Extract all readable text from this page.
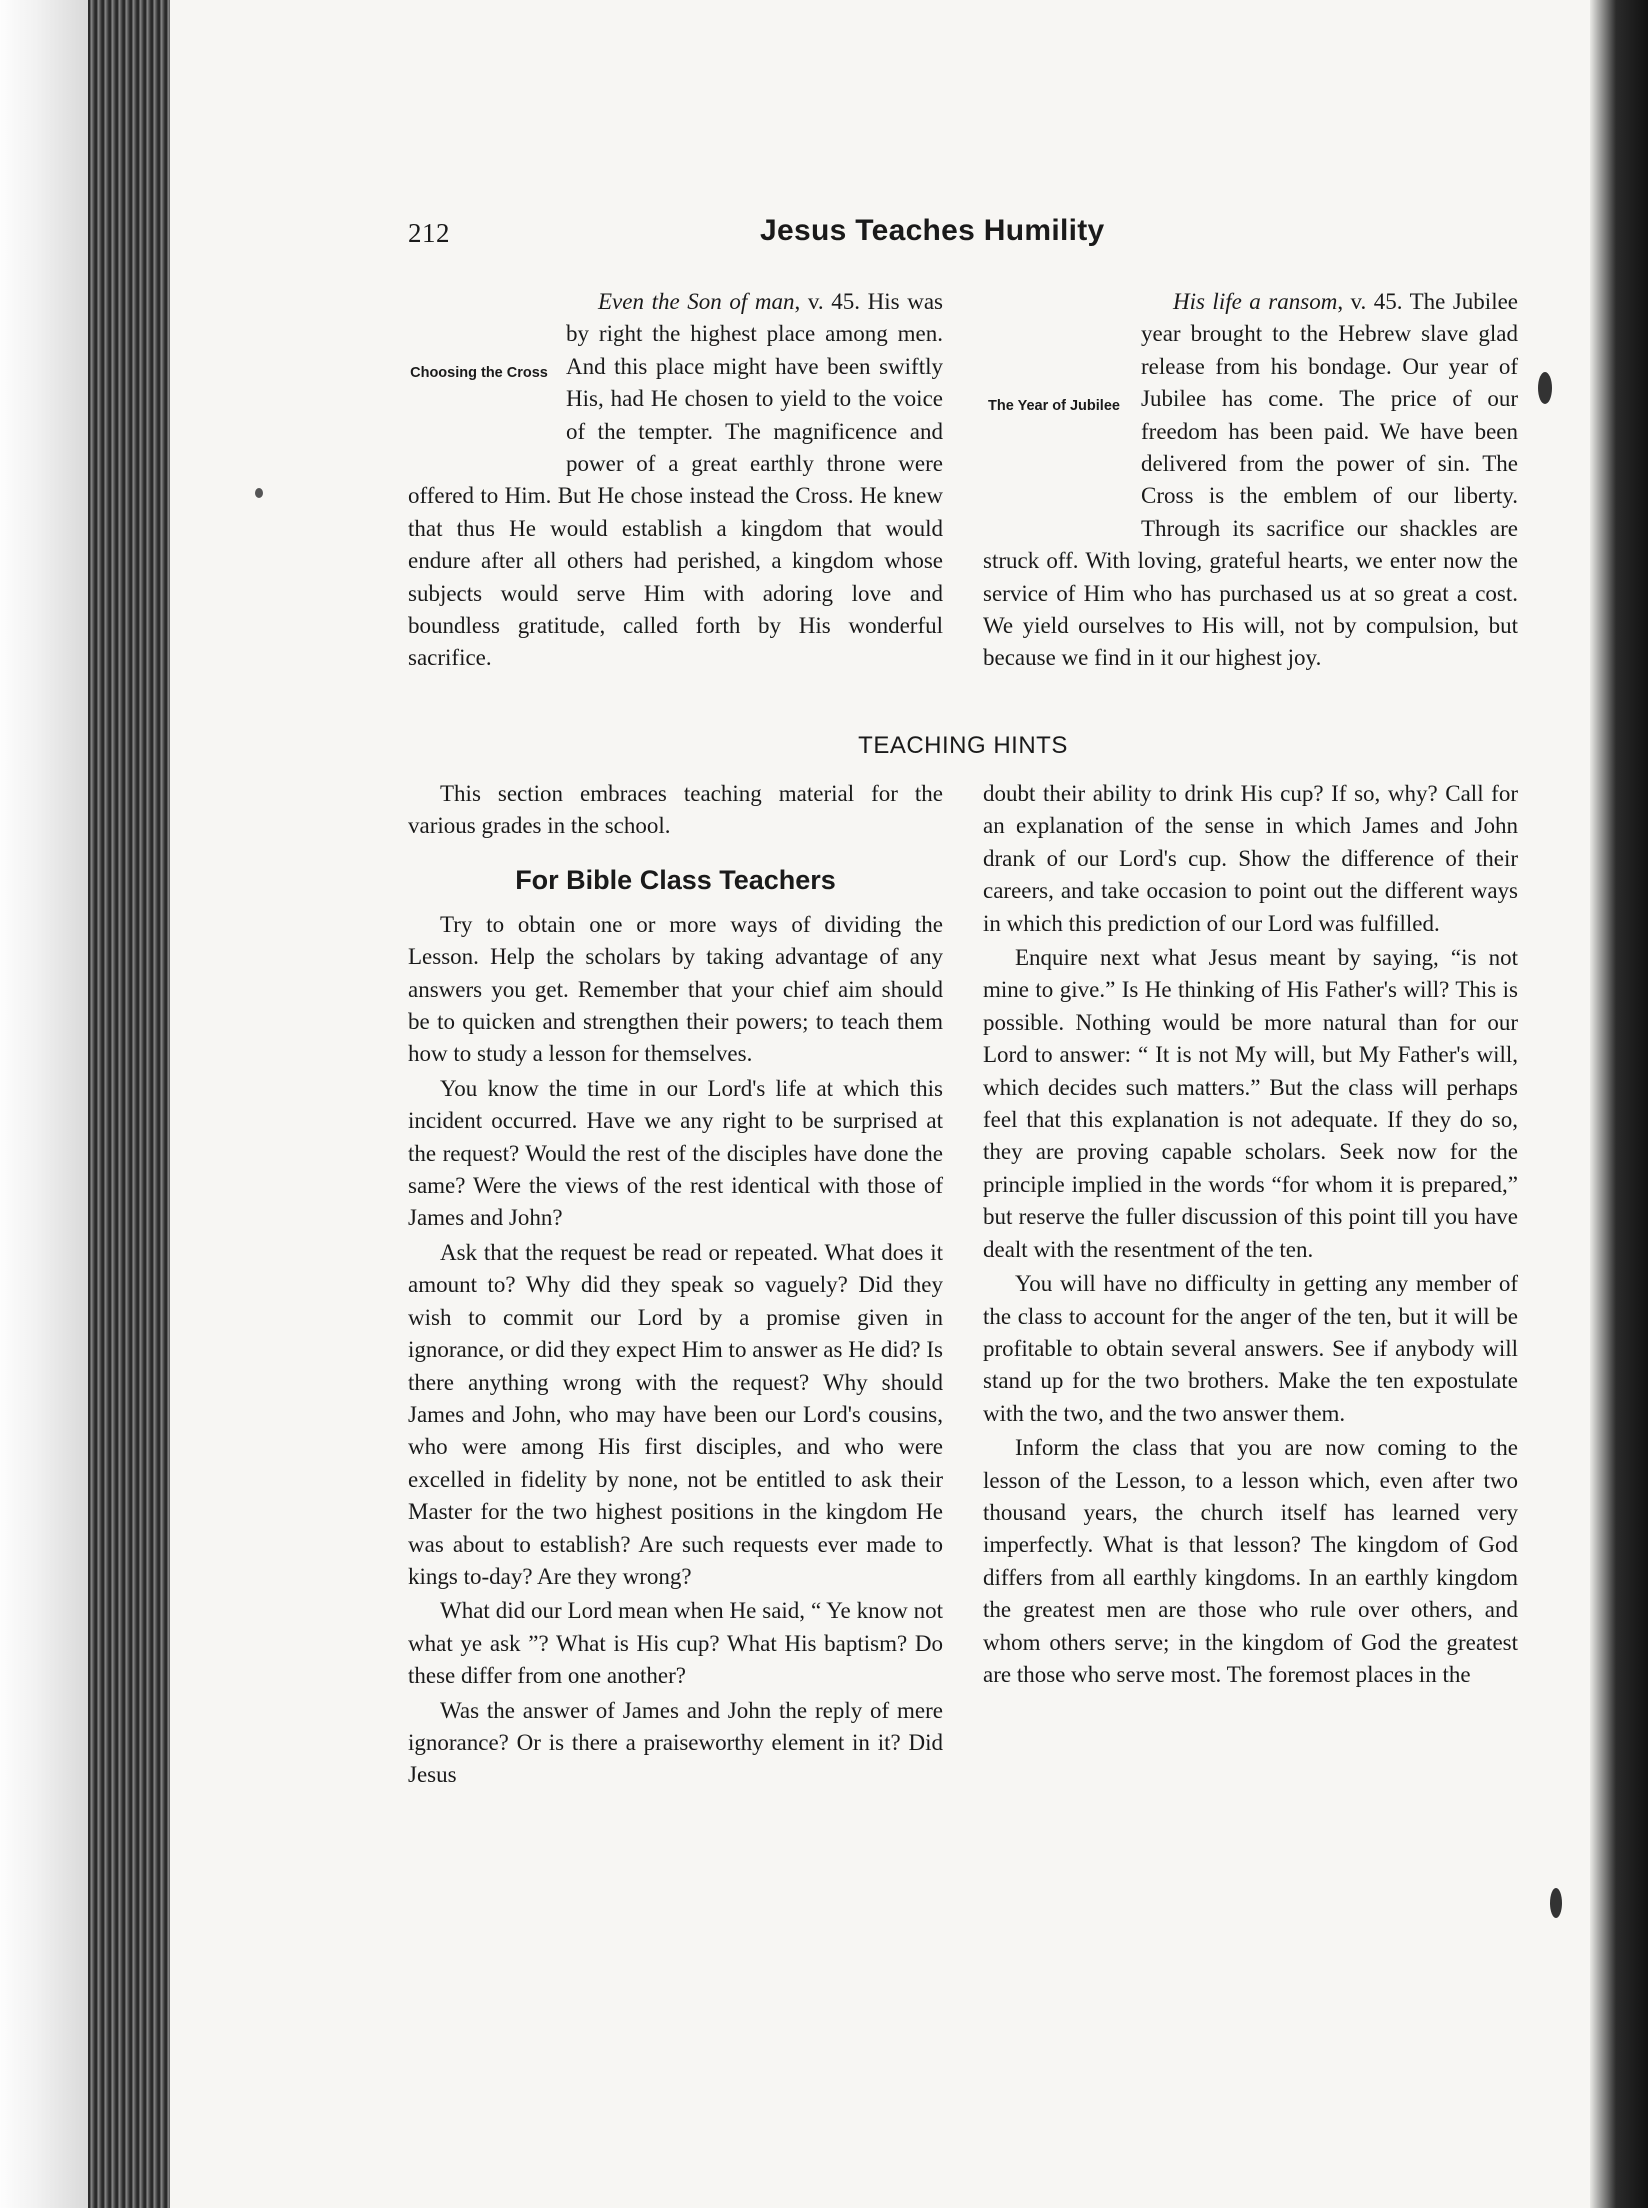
212	Jesus Teaches Humility

Choosing the Cross
Even the Son of man, v. 45. His was by right the highest place among men. And this place might have been swiftly His, had He chosen to yield to the voice of the tempter. The magnificence and power of a great earthly throne were offered to Him. But He chose instead the Cross. He knew that thus He would establish a kingdom that would endure after all others had perished, a kingdom whose subjects would serve Him with adoring love and boundless gratitude, called forth by His wonderful sacrifice.

The Year of Jubilee
His life a ransom, v. 45. The Jubilee year brought to the Hebrew slave glad release from his bondage. Our year of Jubilee has come. The price of our freedom has been paid. We have been delivered from the power of sin. The Cross is the emblem of our liberty. Through its sacrifice our shackles are struck off. With loving, grateful hearts, we enter now the service of Him who has purchased us at so great a cost. We yield ourselves to His will, not by compulsion, but because we find in it our highest joy.

TEACHING HINTS

This section embraces teaching material for the various grades in the school.

For Bible Class Teachers

Try to obtain one or more ways of dividing the Lesson. Help the scholars by taking advantage of any answers you get. Remember that your chief aim should be to quicken and strengthen their powers; to teach them how to study a lesson for themselves.

You know the time in our Lord's life at which this incident occurred. Have we any right to be surprised at the request? Would the rest of the disciples have done the same? Were the views of the rest identical with those of James and John?

Ask that the request be read or repeated. What does it amount to? Why did they speak so vaguely? Did they wish to commit our Lord by a promise given in ignorance, or did they expect Him to answer as He did? Is there anything wrong with the request? Why should James and John, who may have been our Lord's cousins, who were among His first disciples, and who were excelled in fidelity by none, not be entitled to ask their Master for the two highest positions in the kingdom He was about to establish? Are such requests ever made to kings to-day? Are they wrong?

What did our Lord mean when He said, “ Ye know not what ye ask ”? What is His cup? What His baptism? Do these differ from one another?

Was the answer of James and John the reply of mere ignorance? Or is there a praiseworthy element in it? Did Jesus

doubt their ability to drink His cup? If so, why? Call for an explanation of the sense in which James and John drank of our Lord's cup. Show the difference of their careers, and take occasion to point out the different ways in which this prediction of our Lord was fulfilled.

Enquire next what Jesus meant by saying, “is not mine to give.” Is He thinking of His Father's will? This is possible. Nothing would be more natural than for our Lord to answer: “ It is not My will, but My Father's will, which decides such matters.” But the class will perhaps feel that this explanation is not adequate. If they do so, they are proving capable scholars. Seek now for the principle implied in the words “for whom it is prepared,” but reserve the fuller discussion of this point till you have dealt with the resentment of the ten.

You will have no difficulty in getting any member of the class to account for the anger of the ten, but it will be profitable to obtain several answers. See if anybody will stand up for the two brothers. Make the ten expostulate with the two, and the two answer them.

Inform the class that you are now coming to the lesson of the Lesson, to a lesson which, even after two thousand years, the church itself has learned very imperfectly. What is that lesson? The kingdom of God differs from all earthly kingdoms. In an earthly kingdom the greatest men are those who rule over others, and whom others serve; in the kingdom of God the greatest are those who serve most. The foremost places in the
